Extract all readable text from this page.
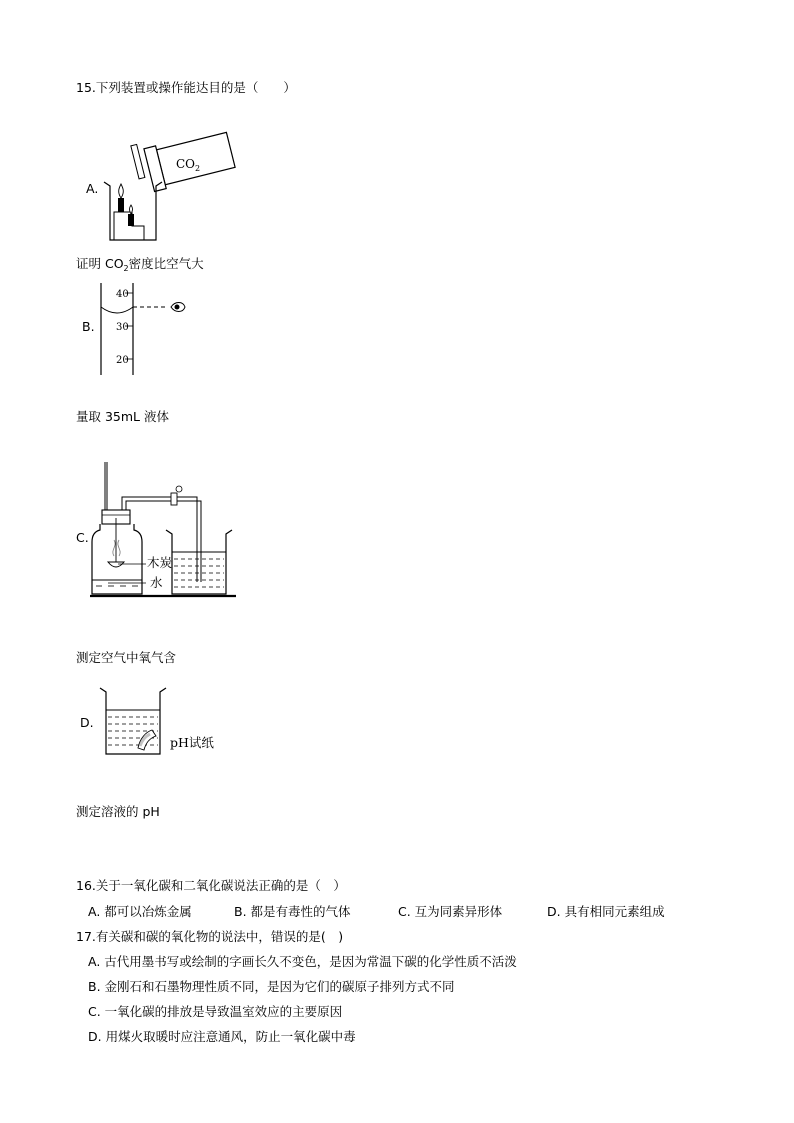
15.下列装置或操作能达目的是（　　）
A.
$CO_2$
证明 $CO_2$密度比空气大
B.
40
30
20
量取 35mL 液体
C.
木炭
水
测定空气中氧气含
D.
pH试纸
测定溶液的 pH
16.关于一氧化碳和二氧化碳说法正确的是（　）
A. 都可以冶炼金属	B. 都是有毒性的气体	C. 互为同素异形体	D. 具有相同元素组成
17.有关碳和碳的氧化物的说法中，错误的是(　)
A. 古代用墨书写或绘制的字画长久不变色，是因为常温下碳的化学性质不活泼
B. 金刚石和石墨物理性质不同，是因为它们的碳原子排列方式不同
C. 一氧化碳的排放是导致温室效应的主要原因
D. 用煤火取暖时应注意通风，防止一氧化碳中毒
